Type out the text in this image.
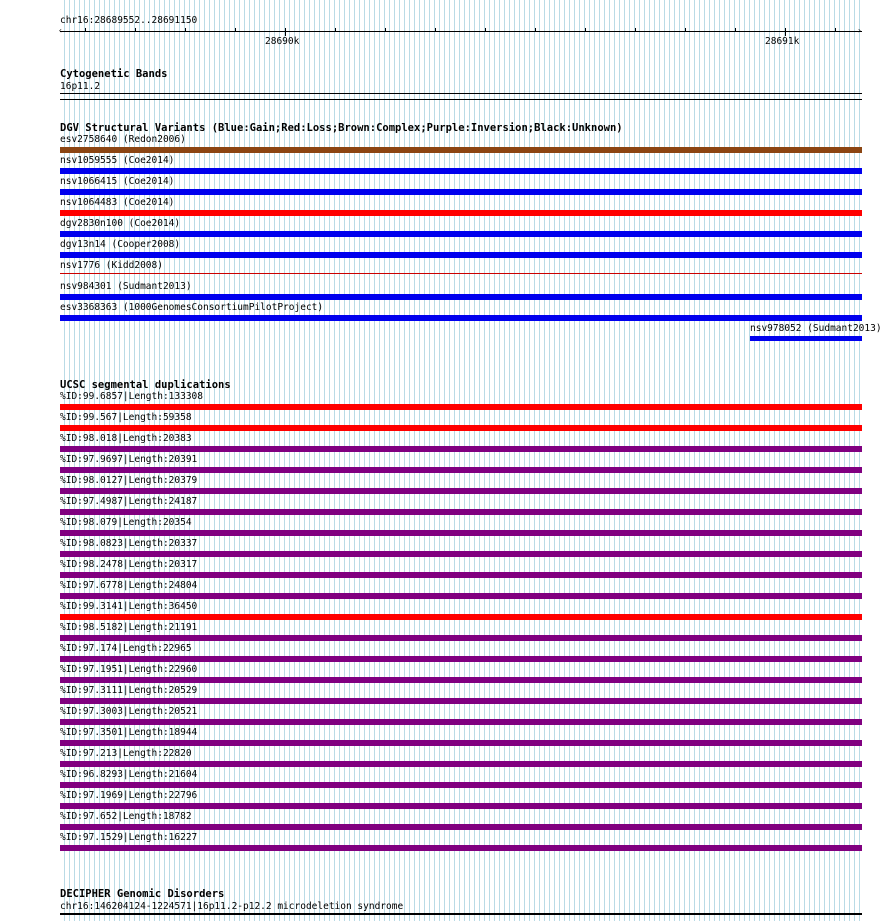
chr16:28689552..28691150
‹	›
28690k	28691k
Cytogenetic Bands
16p11.2
DGV Structural Variants (Blue:Gain;Red:Loss;Brown:Complex;Purple:Inversion;Black:Unknown)
esv2758640 (Redon2006)
nsv1059555 (Coe2014)
nsv1066415 (Coe2014)
nsv1064483 (Coe2014)
dgv2830n100 (Coe2014)
dgv13n14 (Cooper2008)
nsv1776 (Kidd2008)
nsv984301 (Sudmant2013)
esv3368363 (1000GenomesConsortiumPilotProject)
nsv978052 (Sudmant2013)
UCSC segmental duplications
%ID:99.6857|Length:133308
%ID:99.567|Length:59358
%ID:98.018|Length:20383
%ID:97.9697|Length:20391
%ID:98.0127|Length:20379
%ID:97.4987|Length:24187
%ID:98.079|Length:20354
%ID:98.0823|Length:20337
%ID:98.2478|Length:20317
%ID:97.6778|Length:24804
%ID:99.3141|Length:36450
%ID:98.5182|Length:21191
%ID:97.174|Length:22965
%ID:97.1951|Length:22960
%ID:97.3111|Length:20529
%ID:97.3003|Length:20521
%ID:97.3501|Length:18944
%ID:97.213|Length:22820
%ID:96.8293|Length:21604
%ID:97.1969|Length:22796
%ID:97.652|Length:18782
%ID:97.1529|Length:16227
DECIPHER Genomic Disorders
chr16:146204124-1224571|16p11.2-p12.2 microdeletion syndrome
